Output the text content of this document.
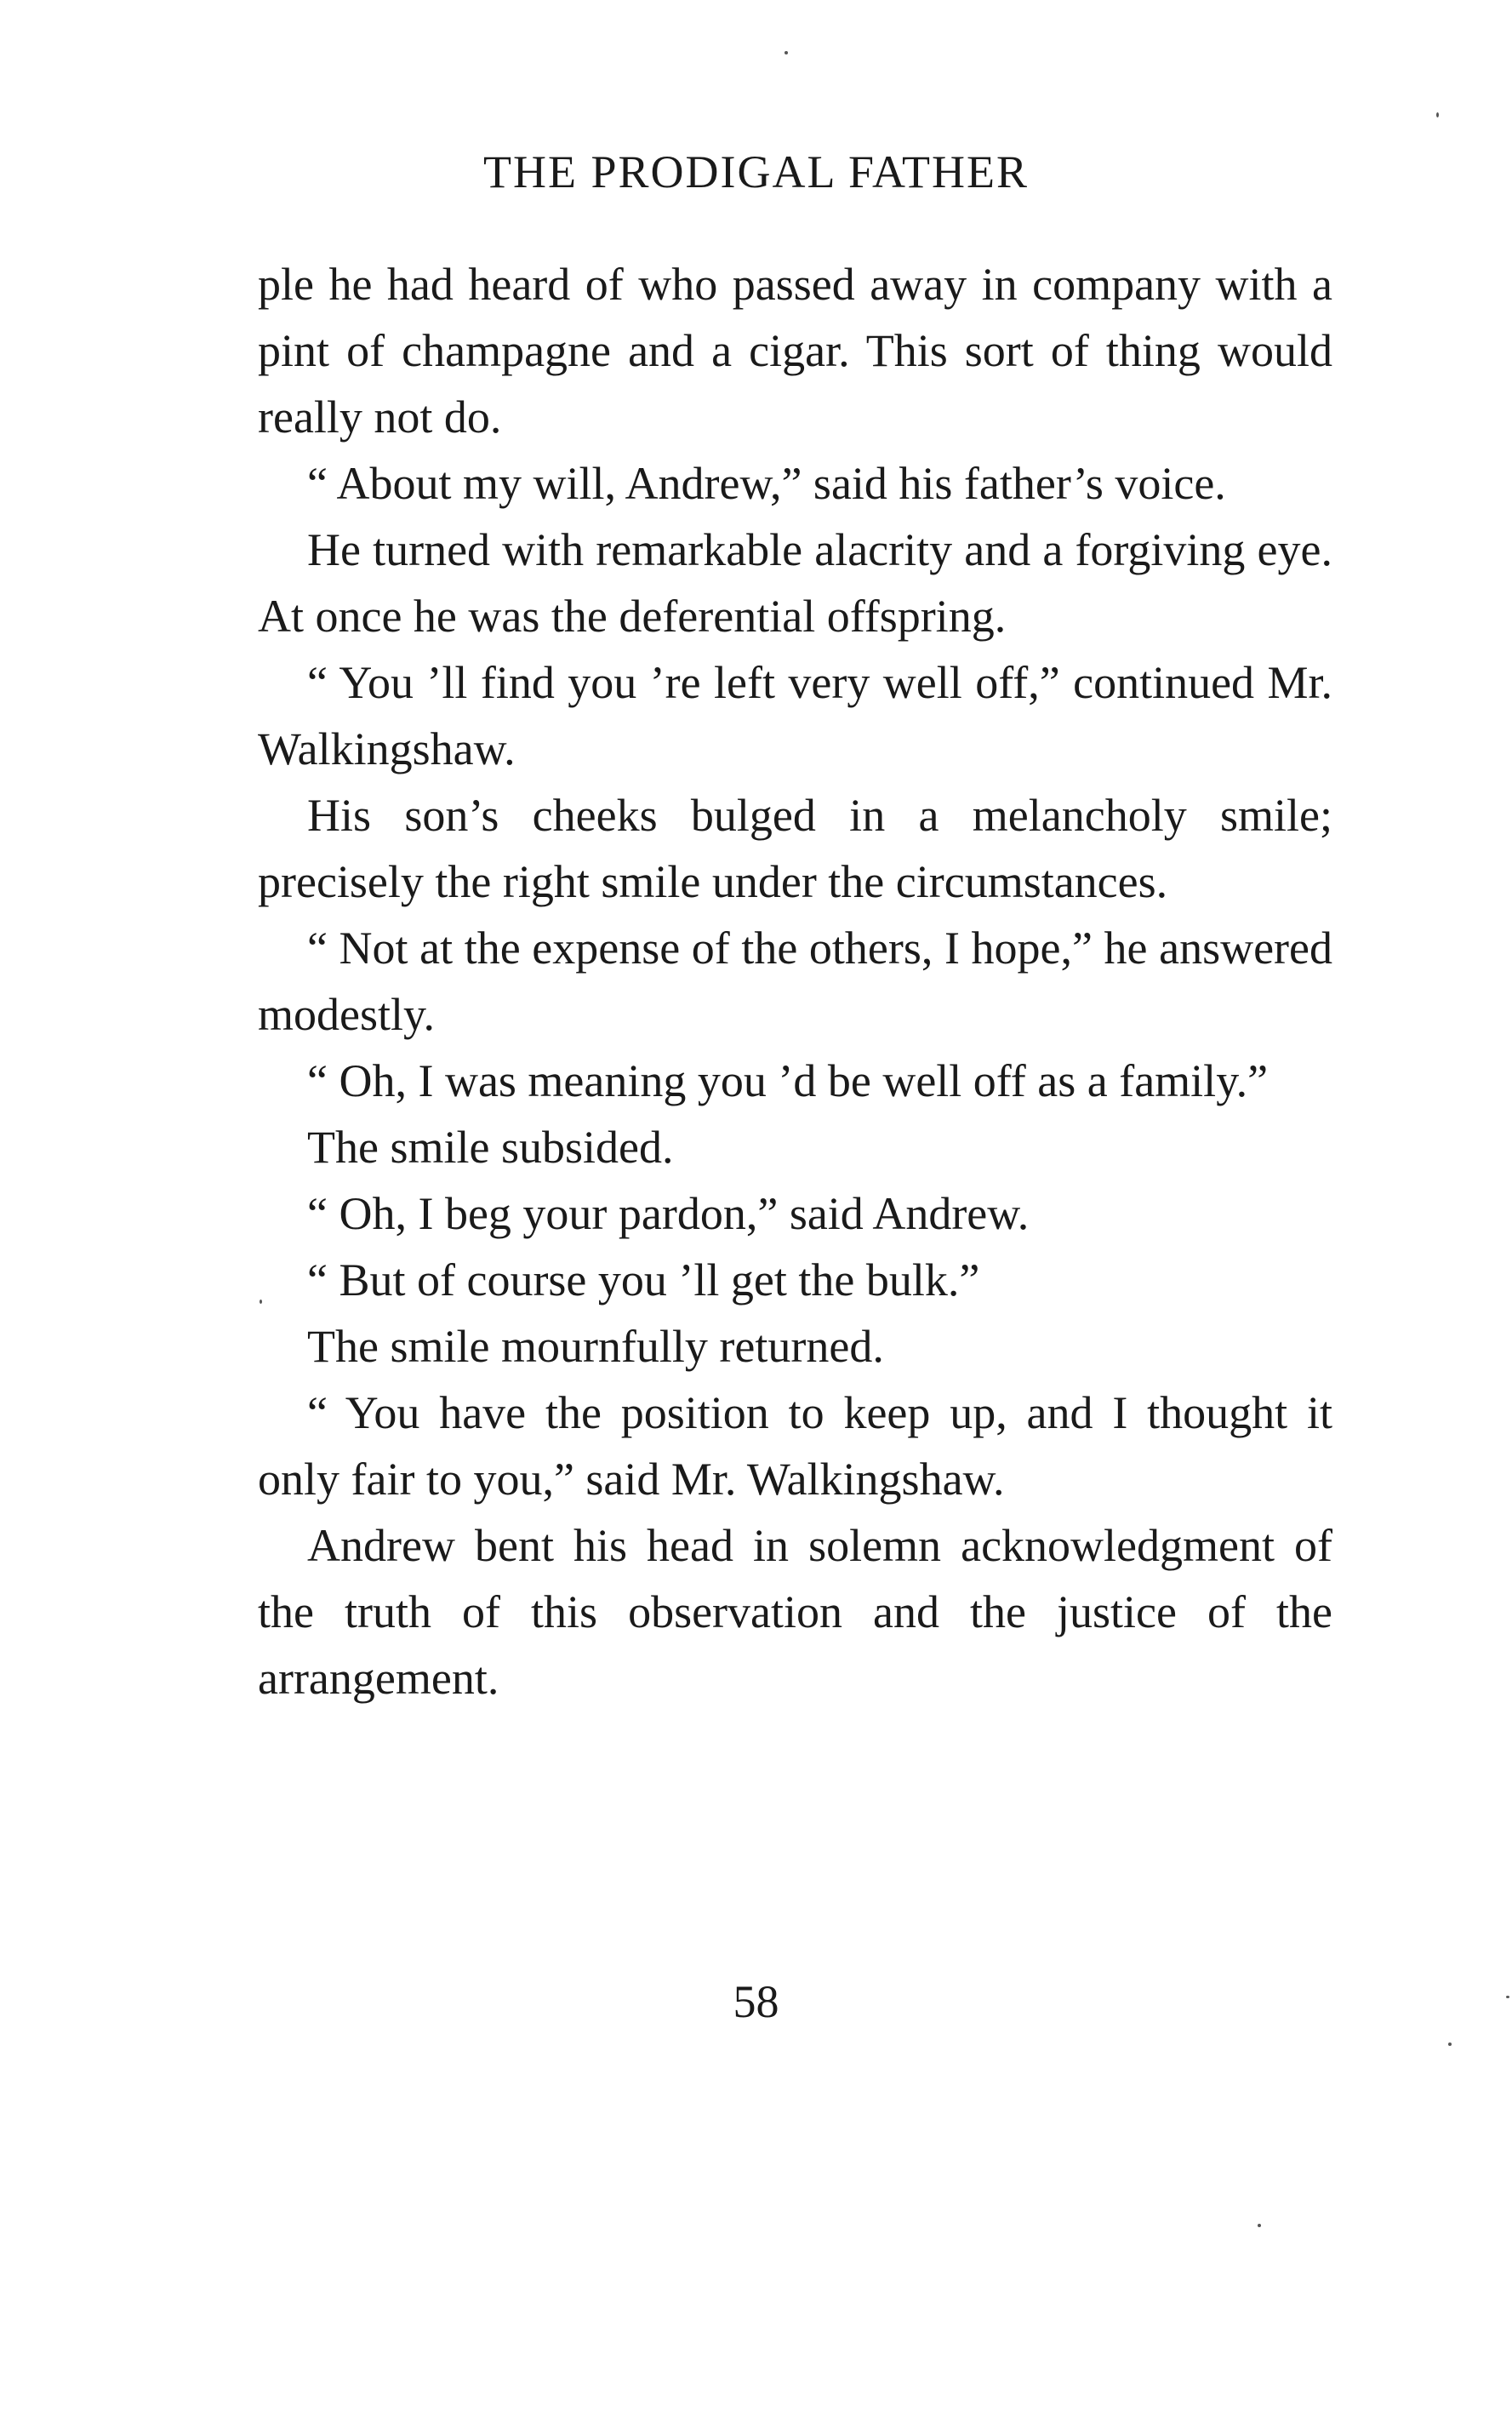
THE PRODIGAL FATHER

ple he had heard of who passed away in company with a pint of champagne and a cigar. This sort of thing would really not do.

“ About my will, Andrew,” said his father’s voice.

He turned with remarkable alacrity and a forgiving eye. At once he was the deferential offspring.

“ You ’ll find you ’re left very well off,” continued Mr. Walkingshaw.

His son’s cheeks bulged in a melancholy smile; precisely the right smile under the circumstances.

“ Not at the expense of the others, I hope,” he answered modestly.

“ Oh, I was meaning you ’d be well off as a family.”

The smile subsided.

“ Oh, I beg your pardon,” said Andrew.

“ But of course you ’ll get the bulk.”

The smile mournfully returned.

“ You have the position to keep up, and I thought it only fair to you,” said Mr. Walkingshaw.

Andrew bent his head in solemn acknowledgment of the truth of this observation and the justice of the arrangement.

58
